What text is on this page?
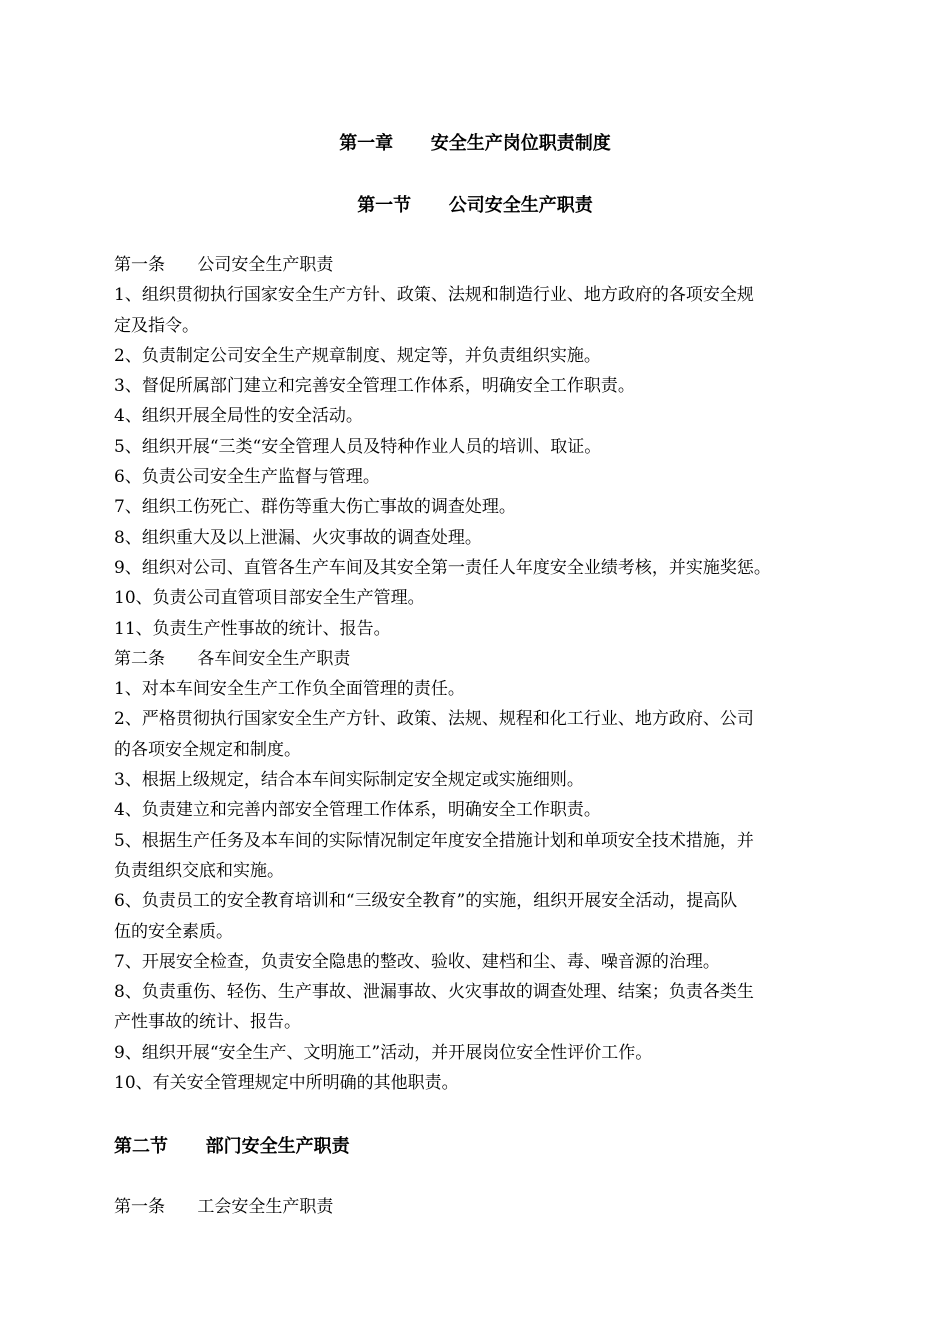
第一章      安全生产岗位职责制度
第一节      公司安全生产职责

第一条      公司安全生产职责

1、组织贯彻执行国家安全生产方针、政策、法规和制造行业、地方政府的各项安全规

定及指令。

2、负责制定公司安全生产规章制度、规定等，并负责组织实施。

3、督促所属部门建立和完善安全管理工作体系，明确安全工作职责。

4、组织开展全局性的安全活动。

5、组织开展“三类“安全管理人员及特种作业人员的培训、取证。

6、负责公司安全生产监督与管理。

7、组织工伤死亡、群伤等重大伤亡事故的调查处理。

8、组织重大及以上泄漏、火灾事故的调查处理。

9、组织对公司、直管各生产车间及其安全第一责任人年度安全业绩考核，并实施奖惩。

10、负责公司直管项目部安全生产管理。

11、负责生产性事故的统计、报告。

第二条      各车间安全生产职责

1、对本车间安全生产工作负全面管理的责任。

2、严格贯彻执行国家安全生产方针、政策、法规、规程和化工行业、地方政府、公司

的各项安全规定和制度。

3、根据上级规定，结合本车间实际制定安全规定或实施细则。

4、负责建立和完善内部安全管理工作体系，明确安全工作职责。

5、根据生产任务及本车间的实际情况制定年度安全措施计划和单项安全技术措施，并

负责组织交底和实施。

6、负责员工的安全教育培训和“三级安全教育”的实施，组织开展安全活动，提高队

伍的安全素质。

7、开展安全检查，负责安全隐患的整改、验收、建档和尘、毒、噪音源的治理。

8、负责重伤、轻伤、生产事故、泄漏事故、火灾事故的调查处理、结案；负责各类生

产性事故的统计、报告。

9、组织开展“安全生产、文明施工”活动，并开展岗位安全性评价工作。

10、有关安全管理规定中所明确的其他职责。

第二节      部门安全生产职责
第一条      工会安全生产职责
